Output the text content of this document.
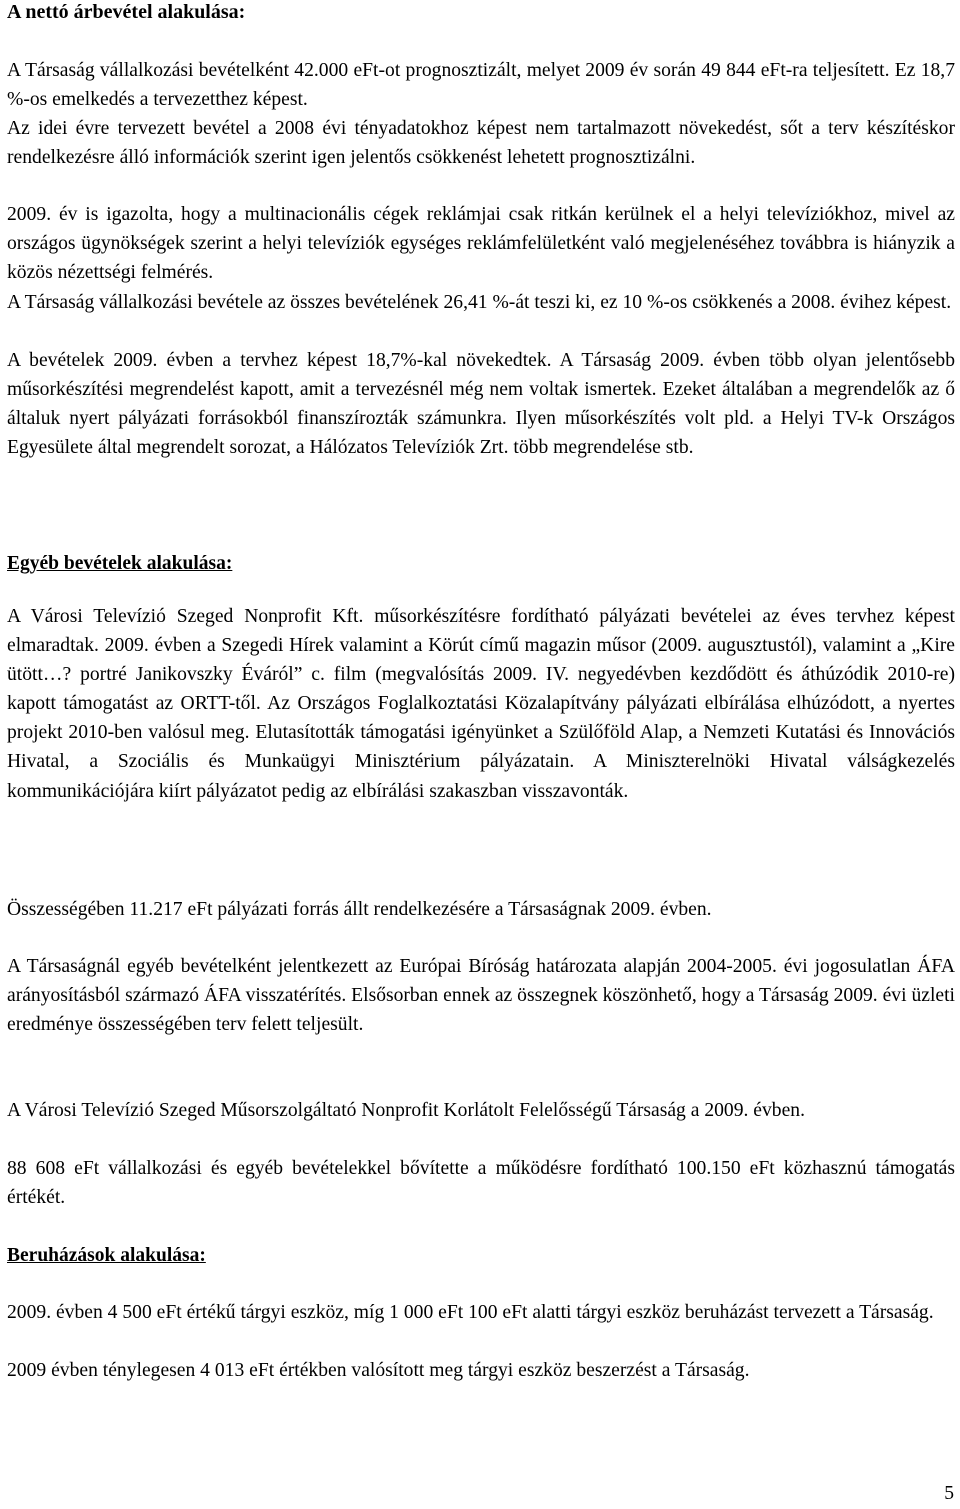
A nettó árbevétel alakulása:

A Társaság vállalkozási bevételként 42.000 eFt-ot prognosztizált, melyet 2009 év során 49 844 eFt-ra teljesített. Ez 18,7 %-os emelkedés a tervezetthez képest.

Az idei évre tervezett bevétel a 2008 évi tényadatokhoz képest nem tartalmazott növekedést, sőt a terv készítéskor rendelkezésre álló információk szerint igen jelentős csökkenést lehetett prognosztizálni.

2009. év is igazolta, hogy a multinacionális cégek reklámjai csak ritkán kerülnek el a helyi televíziókhoz, mivel az országos ügynökségek szerint a helyi televíziók egységes reklámfelületként való megjelenéséhez továbbra is hiányzik a közös nézettségi felmérés.

A Társaság vállalkozási bevétele az összes bevételének 26,41 %-át teszi ki, ez 10 %-os csökkenés a 2008. évihez képest.

A bevételek 2009. évben a tervhez képest 18,7%-kal növekedtek. A Társaság 2009. évben több olyan jelentősebb műsorkészítési megrendelést kapott, amit a tervezésnél még nem voltak ismertek. Ezeket általában a megrendelők az ő általuk nyert pályázati forrásokból finanszírozták számunkra. Ilyen műsorkészítés volt pld. a Helyi TV-k Országos Egyesülete által megrendelt sorozat, a Hálózatos Televíziók Zrt. több megrendelése stb.

Egyéb bevételek alakulása:

A Városi Televízió Szeged Nonprofit Kft. műsorkészítésre fordítható pályázati bevételei az éves tervhez képest elmaradtak. 2009. évben a Szegedi Hírek valamint a Körút című magazin műsor (2009. augusztustól), valamint a „Kire ütött…? portré Janikovszky Éváról” c. film (megvalósítás 2009. IV. negyedévben kezdődött és áthúzódik 2010-re) kapott támogatást az ORTT-től. Az Országos Foglalkoztatási Közalapítvány pályázati elbírálása elhúzódott, a nyertes projekt 2010-ben valósul meg. Elutasították támogatási igényünket a Szülőföld Alap, a Nemzeti Kutatási és Innovációs Hivatal, a Szociális és Munkaügyi Minisztérium pályázatain. A Miniszterelnöki Hivatal válságkezelés kommunikációjára kiírt pályázatot pedig az elbírálási szakaszban visszavonták.

Összességében 11.217 eFt pályázati forrás állt rendelkezésére a Társaságnak 2009. évben.

A Társaságnál egyéb bevételként jelentkezett az Európai Bíróság határozata alapján 2004-2005. évi jogosulatlan ÁFA arányosításból származó ÁFA visszatérítés. Elsősorban ennek az összegnek köszönhető, hogy a Társaság 2009. évi üzleti eredménye összességében terv felett teljesült.

A Városi Televízió Szeged Műsorszolgáltató Nonprofit Korlátolt Felelősségű Társaság a 2009. évben.

88 608 eFt vállalkozási és egyéb bevételekkel bővítette a működésre fordítható 100.150 eFt közhasznú támogatás értékét.

Beruházások alakulása:

2009. évben 4 500 eFt értékű tárgyi eszköz, míg 1 000 eFt 100 eFt alatti tárgyi eszköz beruházást tervezett a Társaság.

2009 évben ténylegesen 4 013 eFt értékben valósított meg tárgyi eszköz beszerzést a Társaság.

5
